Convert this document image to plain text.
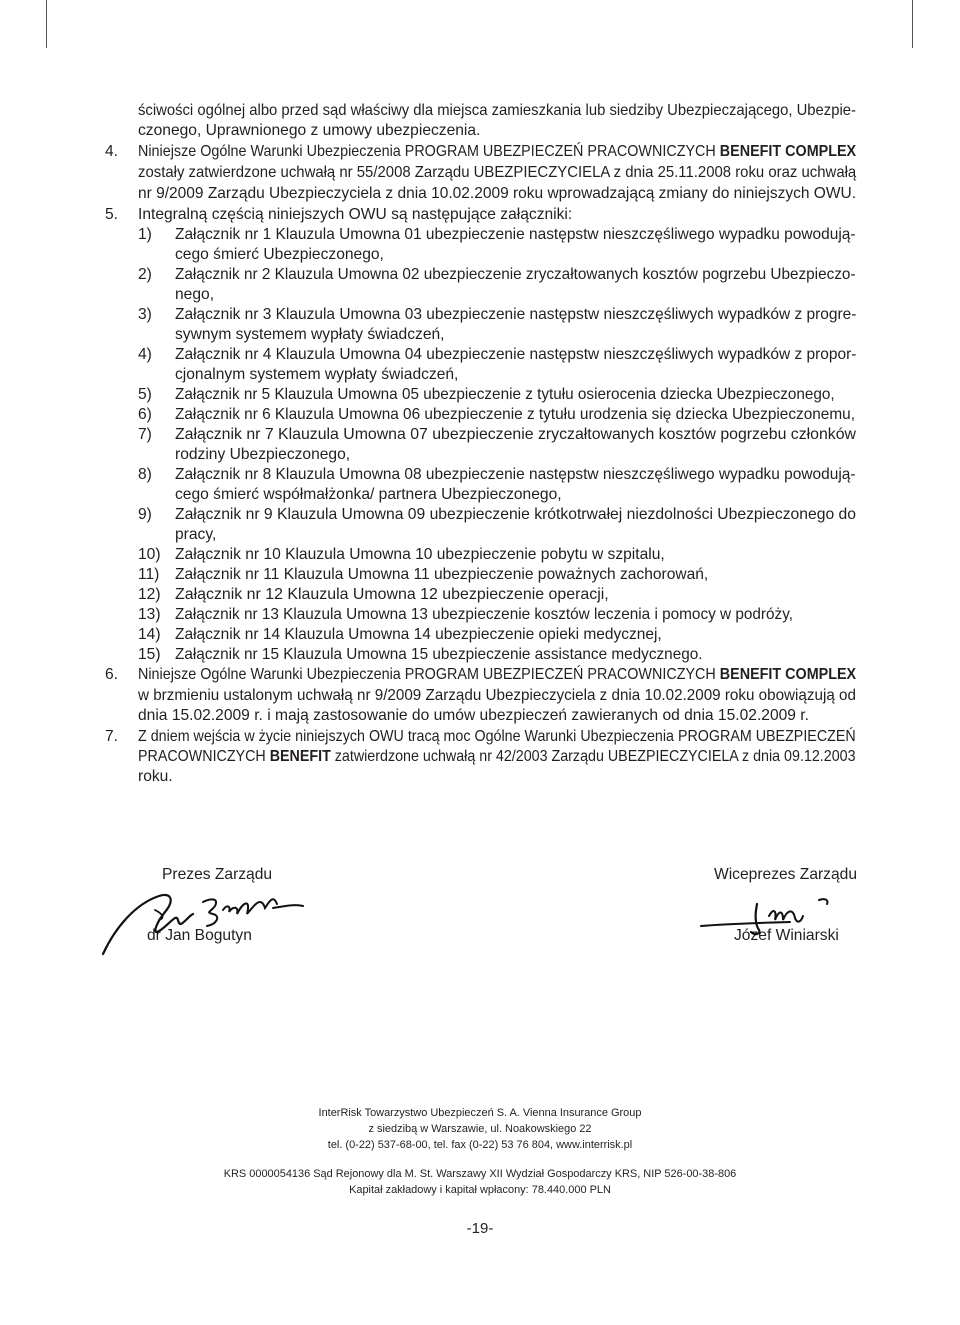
ściwości ogólnej albo przed sąd właściwy dla miejsca zamieszkania lub siedziby Ubezpieczającego, Ubezpie-
czonego, Uprawnionego z umowy ubezpieczenia.
4. Niniejsze Ogólne Warunki Ubezpieczenia PROGRAM UBEZPIECZEŃ PRACOWNICZYCH BENEFIT COMPLEX
zostały zatwierdzone uchwałą nr 55/2008 Zarządu UBEZPIECZYCIELA z dnia 25.11.2008 roku oraz uchwałą
nr 9/2009 Zarządu Ubezpieczyciela z dnia 10.02.2009 roku wprowadzającą zmiany do niniejszych OWU.
5. Integralną częścią niniejszych OWU są następujące załączniki:
1) Załącznik nr 1 Klauzula Umowna 01 ubezpieczenie następstw nieszczęśliwego wypadku powodują-
cego śmierć Ubezpieczonego,
2) Załącznik nr 2 Klauzula Umowna 02 ubezpieczenie zryczałtowanych kosztów pogrzebu Ubezpieczo-
nego,
3) Załącznik nr 3 Klauzula Umowna 03 ubezpieczenie następstw nieszczęśliwych wypadków z progre-
sywnym systemem wypłaty świadczeń,
4) Załącznik nr 4 Klauzula Umowna 04 ubezpieczenie następstw nieszczęśliwych wypadków z propor-
cjonalnym systemem wypłaty świadczeń,
5) Załącznik nr 5 Klauzula Umowna 05 ubezpieczenie z tytułu osierocenia dziecka Ubezpieczonego,
6) Załącznik nr 6 Klauzula Umowna 06 ubezpieczenie z tytułu urodzenia się dziecka Ubezpieczonemu,
7) Załącznik nr 7 Klauzula Umowna 07 ubezpieczenie zryczałtowanych kosztów pogrzebu członków
rodziny Ubezpieczonego,
8) Załącznik nr 8 Klauzula Umowna 08 ubezpieczenie następstw nieszczęśliwego wypadku powodują-
cego śmierć współmałżonka/ partnera Ubezpieczonego,
9) Załącznik nr 9 Klauzula Umowna 09 ubezpieczenie krótkotrwałej niezdolności Ubezpieczonego do
pracy,
10) Załącznik nr 10 Klauzula Umowna 10 ubezpieczenie pobytu w szpitalu,
11) Załącznik nr 11 Klauzula Umowna 11 ubezpieczenie poważnych zachorowań,
12) Załącznik nr 12 Klauzula Umowna 12 ubezpieczenie operacji,
13) Załącznik nr 13 Klauzula Umowna 13 ubezpieczenie kosztów leczenia i pomocy w podróży,
14) Załącznik nr 14 Klauzula Umowna 14 ubezpieczenie opieki medycznej,
15) Załącznik nr 15 Klauzula Umowna 15 ubezpieczenie assistance medycznego.
6. Niniejsze Ogólne Warunki Ubezpieczenia PROGRAM UBEZPIECZEŃ PRACOWNICZYCH BENEFIT COMPLEX
w brzmieniu ustalonym uchwałą nr 9/2009 Zarządu Ubezpieczyciela z dnia 10.02.2009 roku obowiązują od
dnia 15.02.2009 r. i mają zastosowanie do umów ubezpieczeń zawieranych od dnia 15.02.2009 r.
7. Z dniem wejścia w życie niniejszych OWU tracą moc Ogólne Warunki Ubezpieczenia PROGRAM UBEZPIECZEŃ
PRACOWNICZYCH BENEFIT zatwierdzone uchwałą nr 42/2003 Zarządu UBEZPIECZYCIELA z dnia 09.12.2003
roku.
Prezes Zarządu
dr Jan Bogutyn
Wiceprezes Zarządu
Józef Winiarski
InterRisk Towarzystwo Ubezpieczeń S. A. Vienna Insurance Group
z siedzibą w Warszawie, ul. Noakowskiego 22
tel. (0-22) 537-68-00, tel. fax (0-22) 53 76 804, www.interrisk.pl
KRS 0000054136 Sąd Rejonowy dla M. St. Warszawy XII Wydział Gospodarczy KRS, NIP 526-00-38-806
Kapitał zakładowy i kapitał wpłacony: 78.440.000 PLN
-19-
